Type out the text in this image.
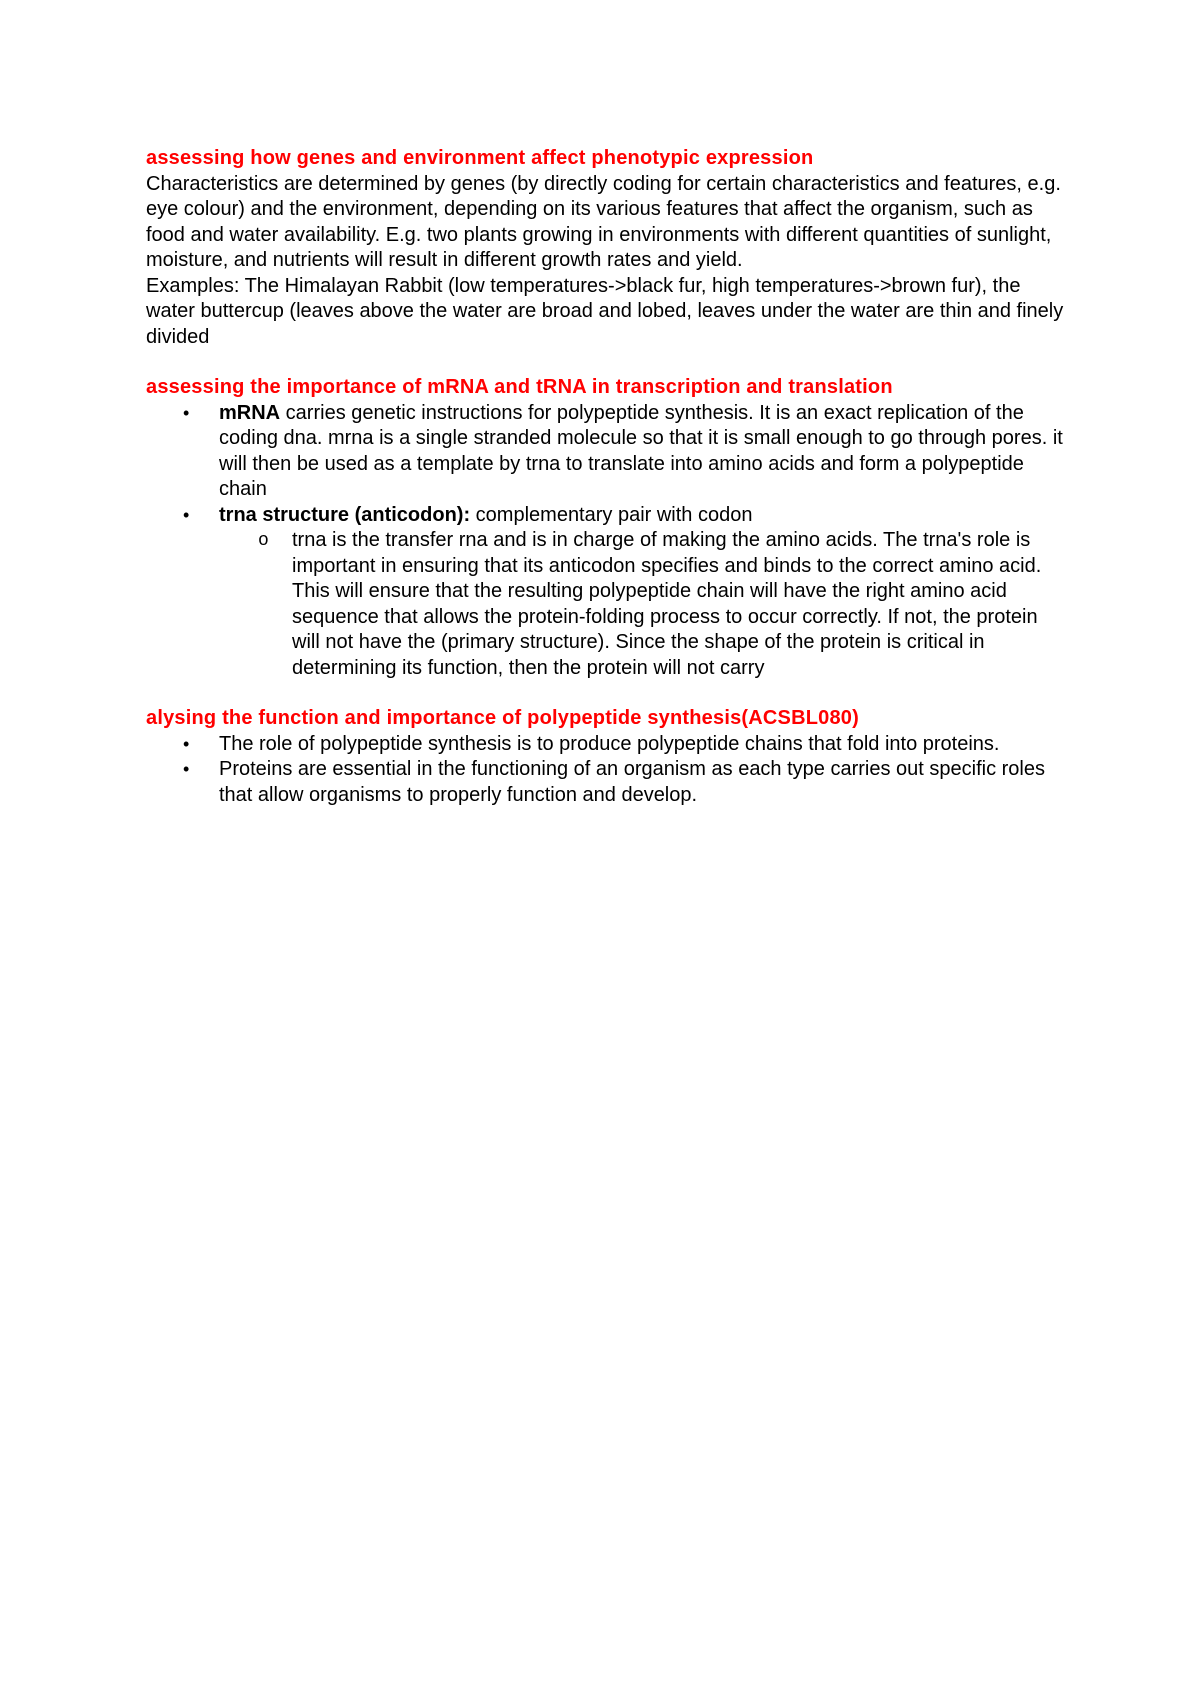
assessing how genes and environment affect phenotypic expression

Characteristics are determined by genes (by directly coding for certain characteristics and features, e.g. eye colour) and the environment, depending on its various features that affect the organism, such as food and water availability. E.g. two plants growing in environments with different quantities of sunlight, moisture, and nutrients will result in different growth rates and yield.

Examples: The Himalayan Rabbit (low temperatures->black fur, high temperatures->brown fur), the water buttercup (leaves above the water are broad and lobed, leaves under the water are thin and finely divided

assessing the importance of mRNA and tRNA in transcription and translation

• mRNA carries genetic instructions for polypeptide synthesis. It is an exact replication of the coding dna. mrna is a single stranded molecule so that it is small enough to go through pores. it will then be used as a template by trna to translate into amino acids and form a polypeptide chain
• trna structure (anticodon): complementary pair with codon
o trna is the transfer rna and is in charge of making the amino acids. The trna's role is important in ensuring that its anticodon specifies and binds to the correct amino acid. This will ensure that the resulting polypeptide chain will have the right amino acid sequence that allows the protein-folding process to occur correctly. If not, the protein will not have the (primary structure). Since the shape of the protein is critical in determining its function, then the protein will not carry

alysing the function and importance of polypeptide synthesis(ACSBL080)

• The role of polypeptide synthesis is to produce polypeptide chains that fold into proteins.
• Proteins are essential in the functioning of an organism as each type carries out specific roles that allow organisms to properly function and develop.
